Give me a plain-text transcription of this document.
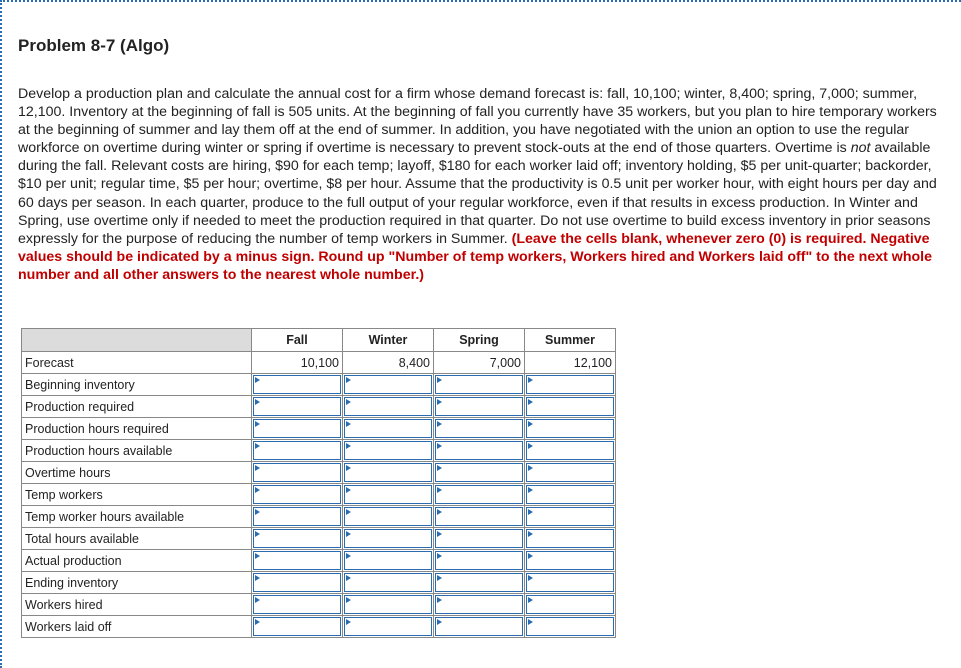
Problem 8-7 (Algo)
Develop a production plan and calculate the annual cost for a firm whose demand forecast is: fall, 10,100; winter, 8,400; spring, 7,000; summer, 12,100. Inventory at the beginning of fall is 505 units. At the beginning of fall you currently have 35 workers, but you plan to hire temporary workers at the beginning of summer and lay them off at the end of summer. In addition, you have negotiated with the union an option to use the regular workforce on overtime during winter or spring if overtime is necessary to prevent stock-outs at the end of those quarters. Overtime is not available during the fall. Relevant costs are hiring, $90 for each temp; layoff, $180 for each worker laid off; inventory holding, $5 per unit-quarter; backorder, $10 per unit; regular time, $5 per hour; overtime, $8 per hour. Assume that the productivity is 0.5 unit per worker hour, with eight hours per day and 60 days per season. In each quarter, produce to the full output of your regular workforce, even if that results in excess production. In Winter and Spring, use overtime only if needed to meet the production required in that quarter. Do not use overtime to build excess inventory in prior seasons expressly for the purpose of reducing the number of temp workers in Summer. (Leave the cells blank, whenever zero (0) is required. Negative values should be indicated by a minus sign. Round up "Number of temp workers, Workers hired and Workers laid off" to the next whole number and all other answers to the nearest whole number.)
	Fall	Winter	Spring	Summer
Forecast	10,100	8,400	7,000	12,100
Beginning inventory	

Production required	

Production hours required	

Production hours available	

Overtime hours	

Temp workers	

Temp worker hours available	

Total hours available	

Actual production	

Ending inventory	

Workers hired	

Workers laid off	
